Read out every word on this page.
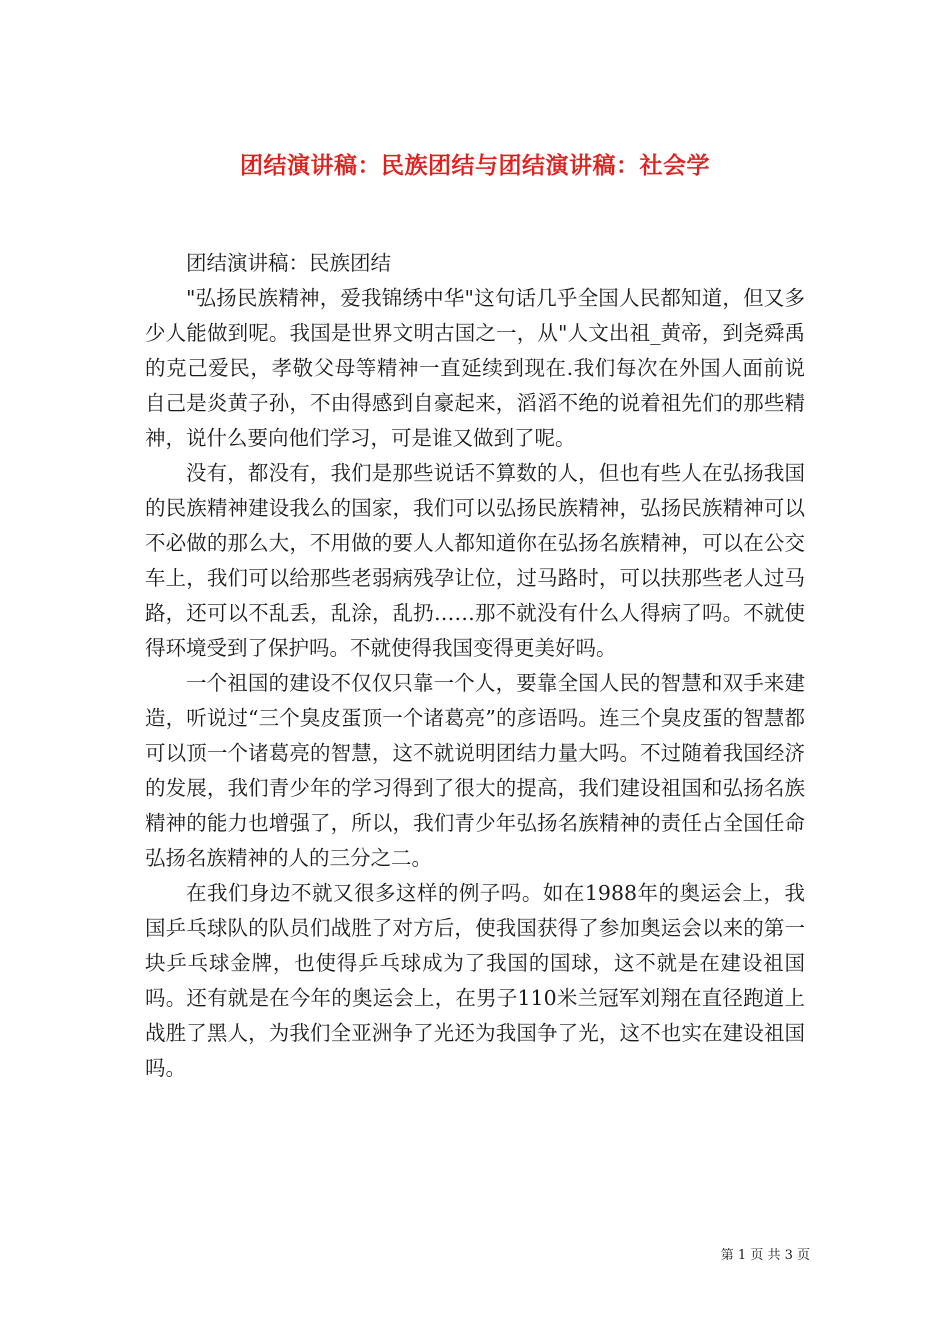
团结演讲稿：民族团结与团结演讲稿：社会学

团结演讲稿：民族团结

"弘扬民族精神，爱我锦绣中华"这句话几乎全国人民都知道，但又多少人能做到呢。我国是世界文明古国之一，从"人文出祖_黄帝，到尧舜禹的克己爱民，孝敬父母等精神一直延续到现在.我们每次在外国人面前说自己是炎黄子孙，不由得感到自豪起来，滔滔不绝的说着祖先们的那些精神，说什么要向他们学习，可是谁又做到了呢。

没有，都没有，我们是那些说话不算数的人，但也有些人在弘扬我国的民族精神建设我么的国家，我们可以弘扬民族精神，弘扬民族精神可以不必做的那么大，不用做的要人人都知道你在弘扬名族精神，可以在公交车上，我们可以给那些老弱病残孕让位，过马路时，可以扶那些老人过马路，还可以不乱丢，乱涂，乱扔……那不就没有什么人得病了吗。不就使得环境受到了保护吗。不就使得我国变得更美好吗。

一个祖国的建设不仅仅只靠一个人，要靠全国人民的智慧和双手来建造，听说过“三个臭皮蛋顶一个诸葛亮”的彦语吗。连三个臭皮蛋的智慧都可以顶一个诸葛亮的智慧，这不就说明团结力量大吗。不过随着我国经济的发展，我们青少年的学习得到了很大的提高，我们建设祖国和弘扬名族精神的能力也增强了，所以，我们青少年弘扬名族精神的责任占全国任命弘扬名族精神的人的三分之二。

在我们身边不就又很多这样的例子吗。如在1988年的奥运会上，我国乒乓球队的队员们战胜了对方后，使我国获得了参加奥运会以来的第一块乒乓球金牌，也使得乒乓球成为了我国的国球，这不就是在建设祖国吗。还有就是在今年的奥运会上，在男子110米兰冠军刘翔在直径跑道上战胜了黑人，为我们全亚洲争了光还为我国争了光，这不也实在建设祖国吗。

第 1 页 共 3 页
